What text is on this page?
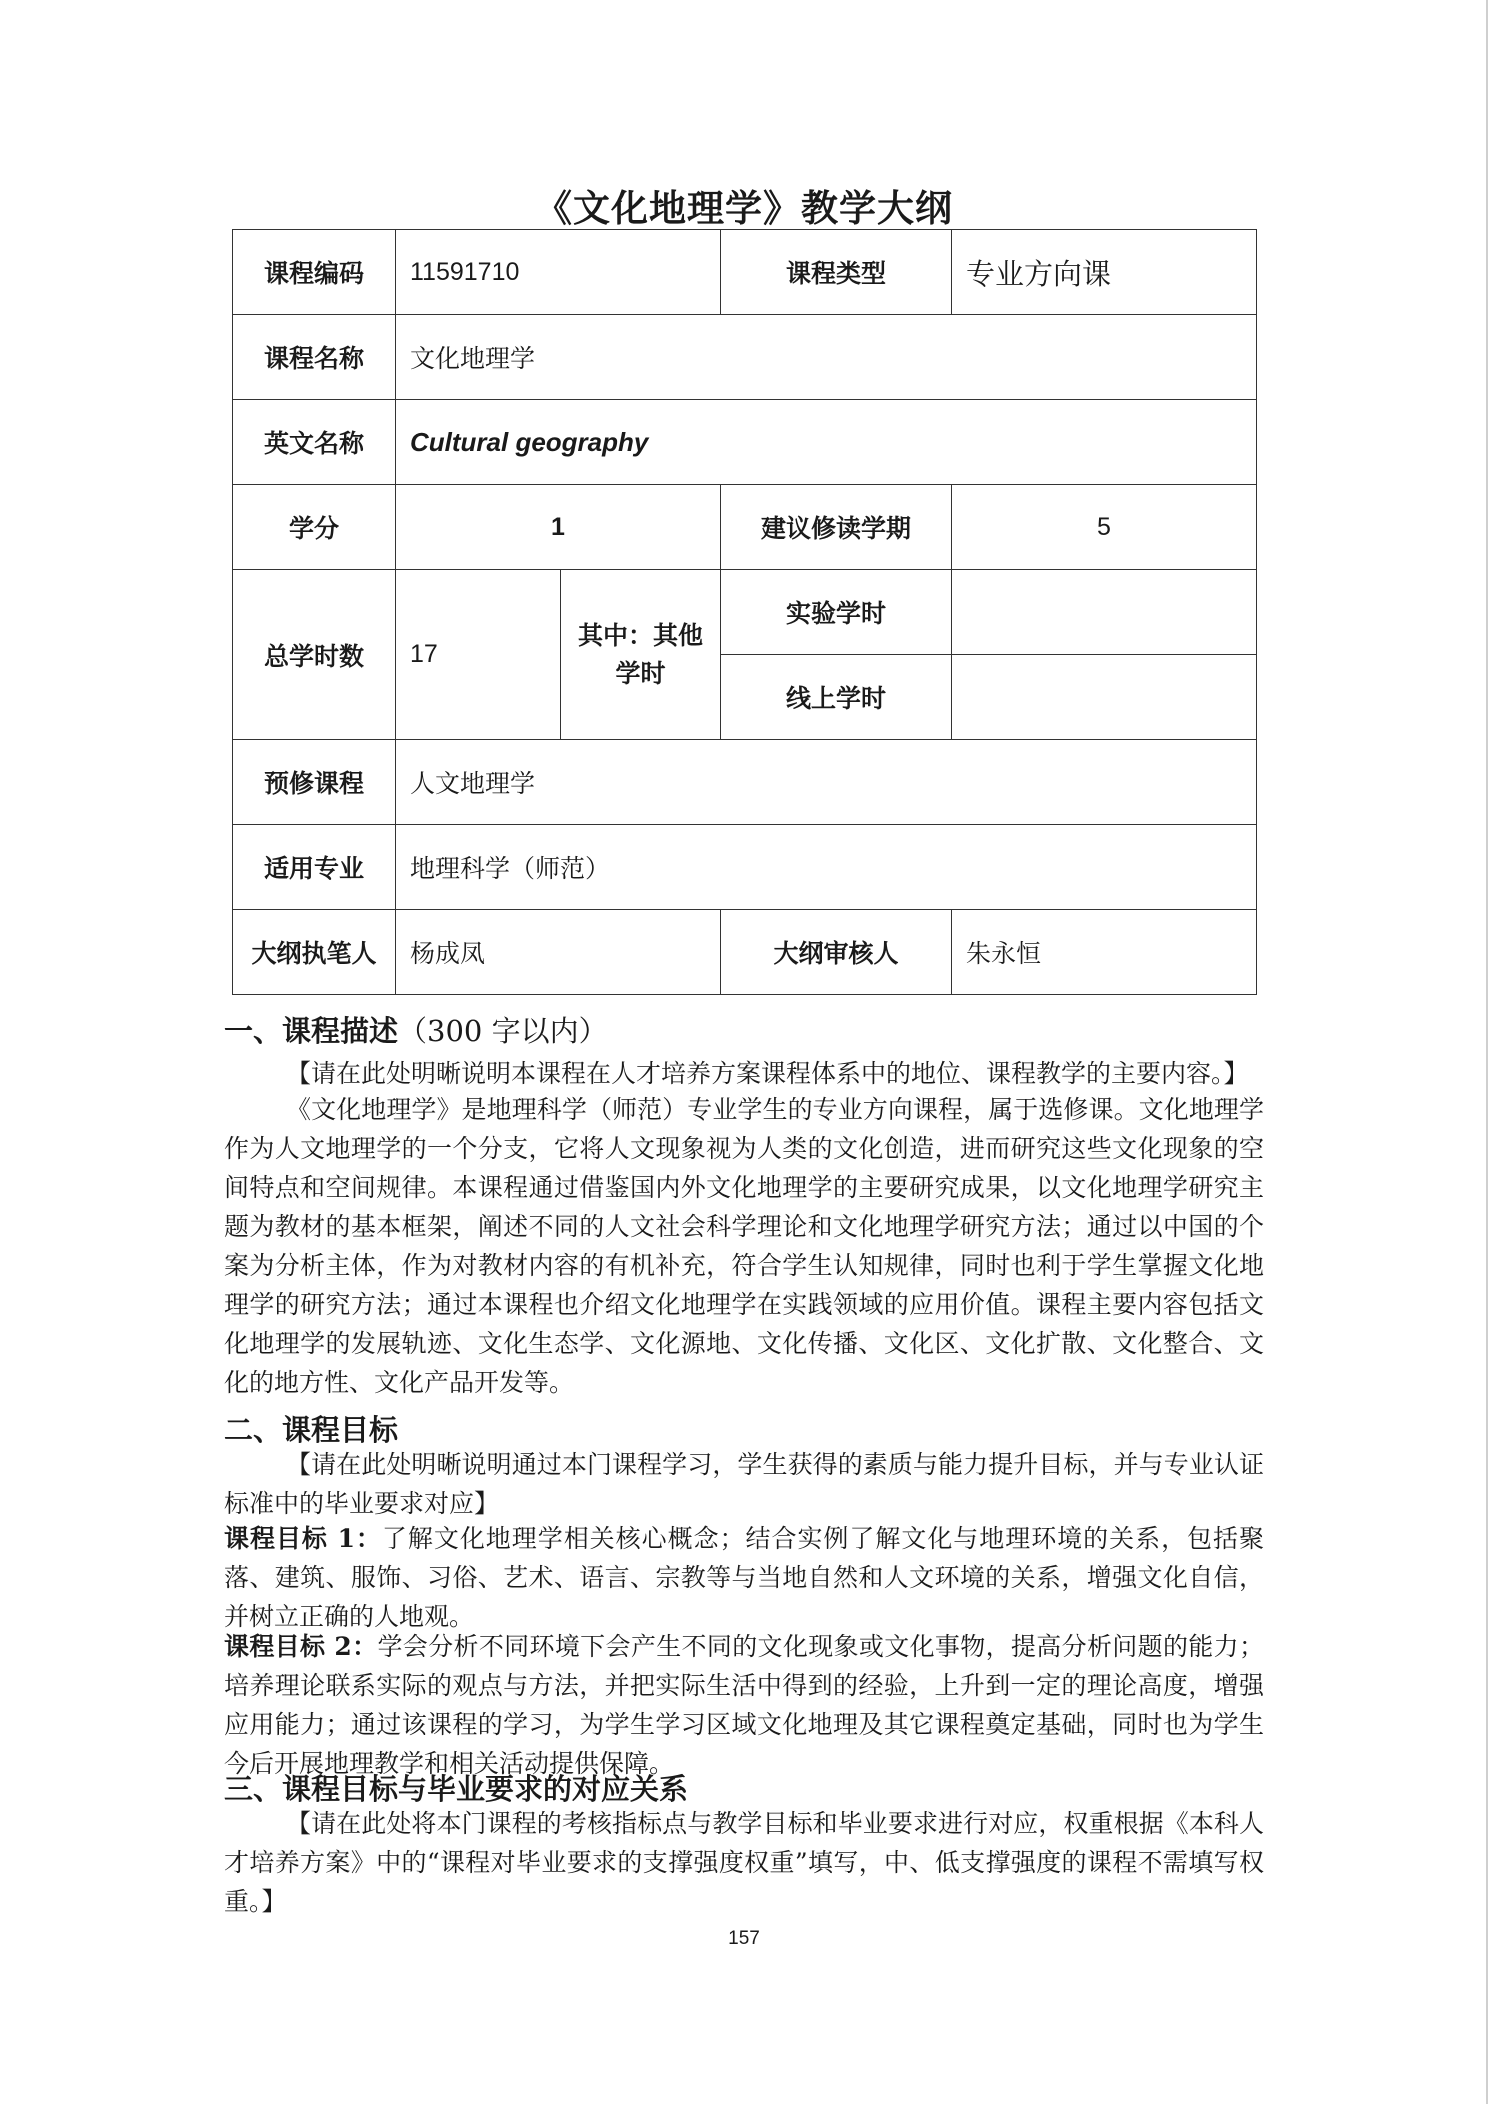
《文化地理学》教学大纲
课程编码	11591710		课程类型	专业方向课
课程名称	文化地理学			
英文名称	Cultural geography			
学分	1		建议修读学期	5
总学时数	17	其中：其他学时	实验学时	
			线上学时	
预修课程	人文地理学			
适用专业	地理科学（师范）			
大纲执笔人	杨成凤		大纲审核人	朱永恒
一、课程描述（300 字以内）

【请在此处明晰说明本课程在人才培养方案课程体系中的地位、课程教学的主要内容。】

《文化地理学》是地理科学（师范）专业学生的专业方向课程，属于选修课。文化地理学作为人文地理学的一个分支，它将人文现象视为人类的文化创造，进而研究这些文化现象的空间特点和空间规律。本课程通过借鉴国内外文化地理学的主要研究成果，以文化地理学研究主题为教材的基本框架，阐述不同的人文社会科学理论和文化地理学研究方法；通过以中国的个案为分析主体，作为对教材内容的有机补充，符合学生认知规律，同时也利于学生掌握文化地理学的研究方法；通过本课程也介绍文化地理学在实践领域的应用价值。课程主要内容包括文化地理学的发展轨迹、文化生态学、文化源地、文化传播、文化区、文化扩散、文化整合、文化的地方性、文化产品开发等。

二、课程目标

【请在此处明晰说明通过本门课程学习，学生获得的素质与能力提升目标，并与专业认证标准中的毕业要求对应】

课程目标 1：了解文化地理学相关核心概念；结合实例了解文化与地理环境的关系，包括聚落、建筑、服饰、习俗、艺术、语言、宗教等与当地自然和人文环境的关系，增强文化自信，并树立正确的人地观。

课程目标 2：学会分析不同环境下会产生不同的文化现象或文化事物，提高分析问题的能力；培养理论联系实际的观点与方法，并把实际生活中得到的经验，上升到一定的理论高度，增强应用能力；通过该课程的学习，为学生学习区域文化地理及其它课程奠定基础，同时也为学生今后开展地理教学和相关活动提供保障。

三、课程目标与毕业要求的对应关系

【请在此处将本门课程的考核指标点与教学目标和毕业要求进行对应，权重根据《本科人才培养方案》中的“课程对毕业要求的支撑强度权重”填写，中、低支撑强度的课程不需填写权重。】

157
